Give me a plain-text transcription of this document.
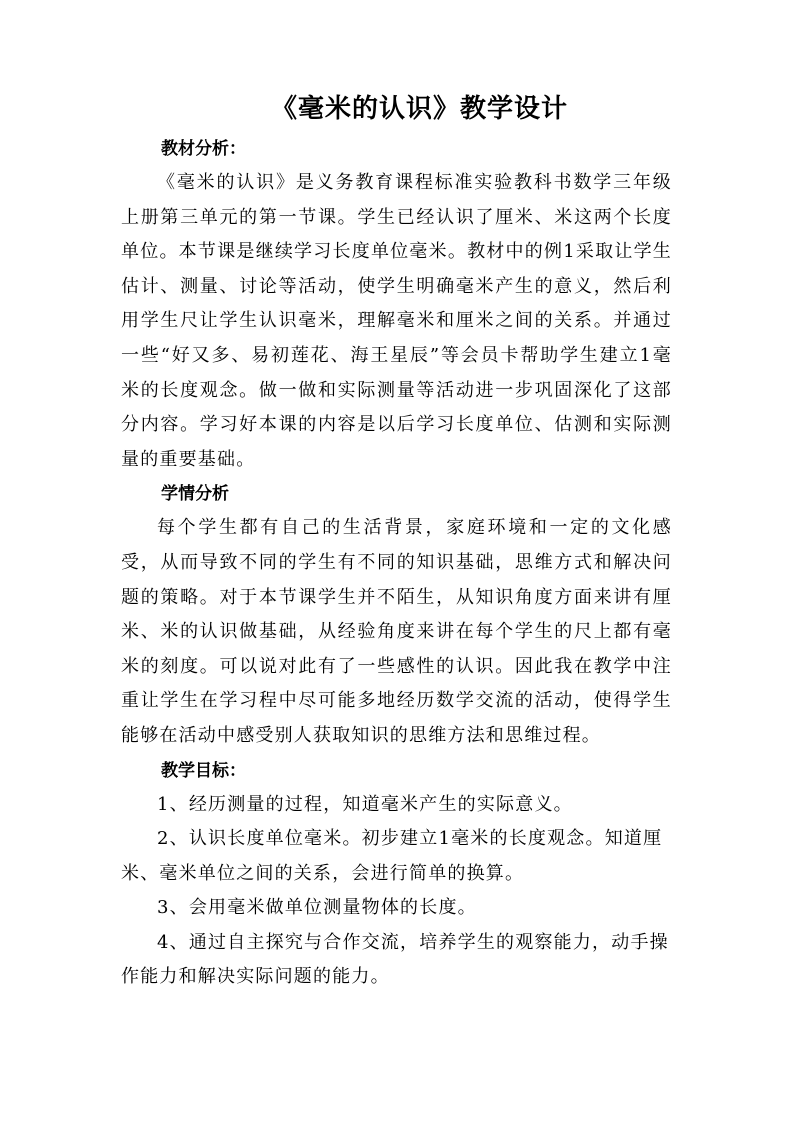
《毫米的认识》教学设计
教材分析：

《毫米的认识》是义务教育课程标准实验教科书数学三年级上册第三单元的第一节课。学生已经认识了厘米、米这两个长度单位。本节课是继续学习长度单位毫米。教材中的例1采取让学生估计、测量、讨论等活动，使学生明确毫米产生的意义，然后利用学生尺让学生认识毫米，理解毫米和厘米之间的关系。并通过一些“好又多、易初莲花、海王星辰”等会员卡帮助学生建立1毫米的长度观念。做一做和实际测量等活动进一步巩固深化了这部分内容。学习好本课的内容是以后学习长度单位、估测和实际测量的重要基础。

学情分析

每个学生都有自己的生活背景，家庭环境和一定的文化感受，从而导致不同的学生有不同的知识基础，思维方式和解决问题的策略。对于本节课学生并不陌生，从知识角度方面来讲有厘米、米的认识做基础，从经验角度来讲在每个学生的尺上都有毫米的刻度。可以说对此有了一些感性的认识。因此我在教学中注重让学生在学习程中尽可能多地经历数学交流的活动，使得学生能够在活动中感受别人获取知识的思维方法和思维过程。

教学目标：

1、经历测量的过程，知道毫米产生的实际意义。

2、认识长度单位毫米。初步建立1毫米的长度观念。知道厘米、毫米单位之间的关系，会进行简单的换算。

3、会用毫米做单位测量物体的长度。

4、通过自主探究与合作交流，培养学生的观察能力，动手操作能力和解决实际问题的能力。
